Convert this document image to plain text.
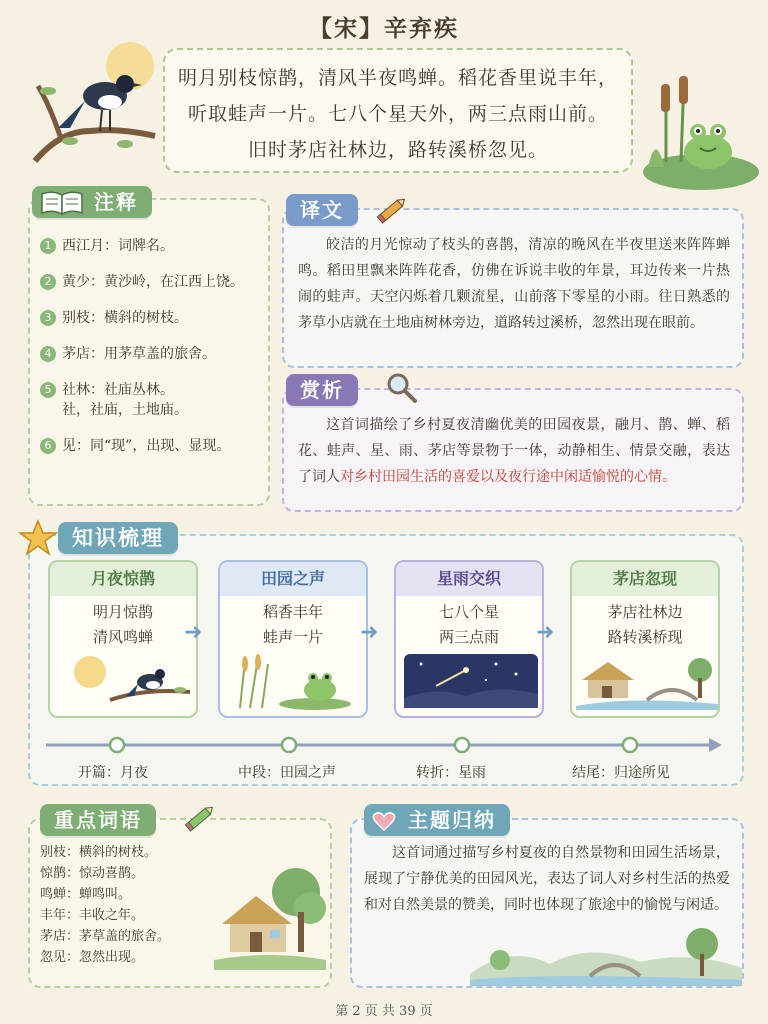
【宋】辛弃疾
明月别枝惊鹊，清风半夜鸣蝉。稻花香里说丰年，
听取蛙声一片。七八个星天外，两三点雨山前。
旧时茅店社林边，路转溪桥忽见。
注释
1 西江月：词牌名。
2 黄少：黄沙岭，在江西上饶。
3 别枝：横斜的树枝。
4 茅店：用茅草盖的旅舍。
5 社林：社庙丛林。
社，社庙，土地庙。
6 见：同“现”，出现、显现。
译文
皎洁的月光惊动了枝头的喜鹊，清凉的晚风在半夜里送来阵阵蝉鸣。稻田里飘来阵阵花香，仿佛在诉说丰收的年景，耳边传来一片热闹的蛙声。天空闪烁着几颗流星，山前落下零星的小雨。往日熟悉的茅草小店就在土地庙树林旁边，道路转过溪桥，忽然出现在眼前。
赏析
这首词描绘了乡村夏夜清幽优美的田园夜景，融月、鹊、蝉、稻花、蛙声、星、雨、茅店等景物于一体，动静相生、情景交融，表达了词人对乡村田园生活的喜爱以及夜行途中闲适愉悦的心情。
知识梳理
月夜惊鹊
明月惊鹊
清风鸣蝉	➜
田园之声
稻香丰年
蛙声一片	➜
星雨交织
七八个星
两三点雨	➜
茅店忽现
茅店社林边
路转溪桥现
开篇：月夜	中段：田园之声	转折：星雨	结尾：归途所见
重点词语
别枝：横斜的树枝。
惊鹊：惊动喜鹊。
鸣蝉：蝉鸣叫。
丰年：丰收之年。
茅店：茅草盖的旅舍。
忽见：忽然出现。
主题归纳
这首词通过描写乡村夏夜的自然景物和田园生活场景，展现了宁静优美的田园风光，表达了词人对乡村生活的热爱和对自然美景的赞美，同时也体现了旅途中的愉悦与闲适。
第 2 页 共 39 页
